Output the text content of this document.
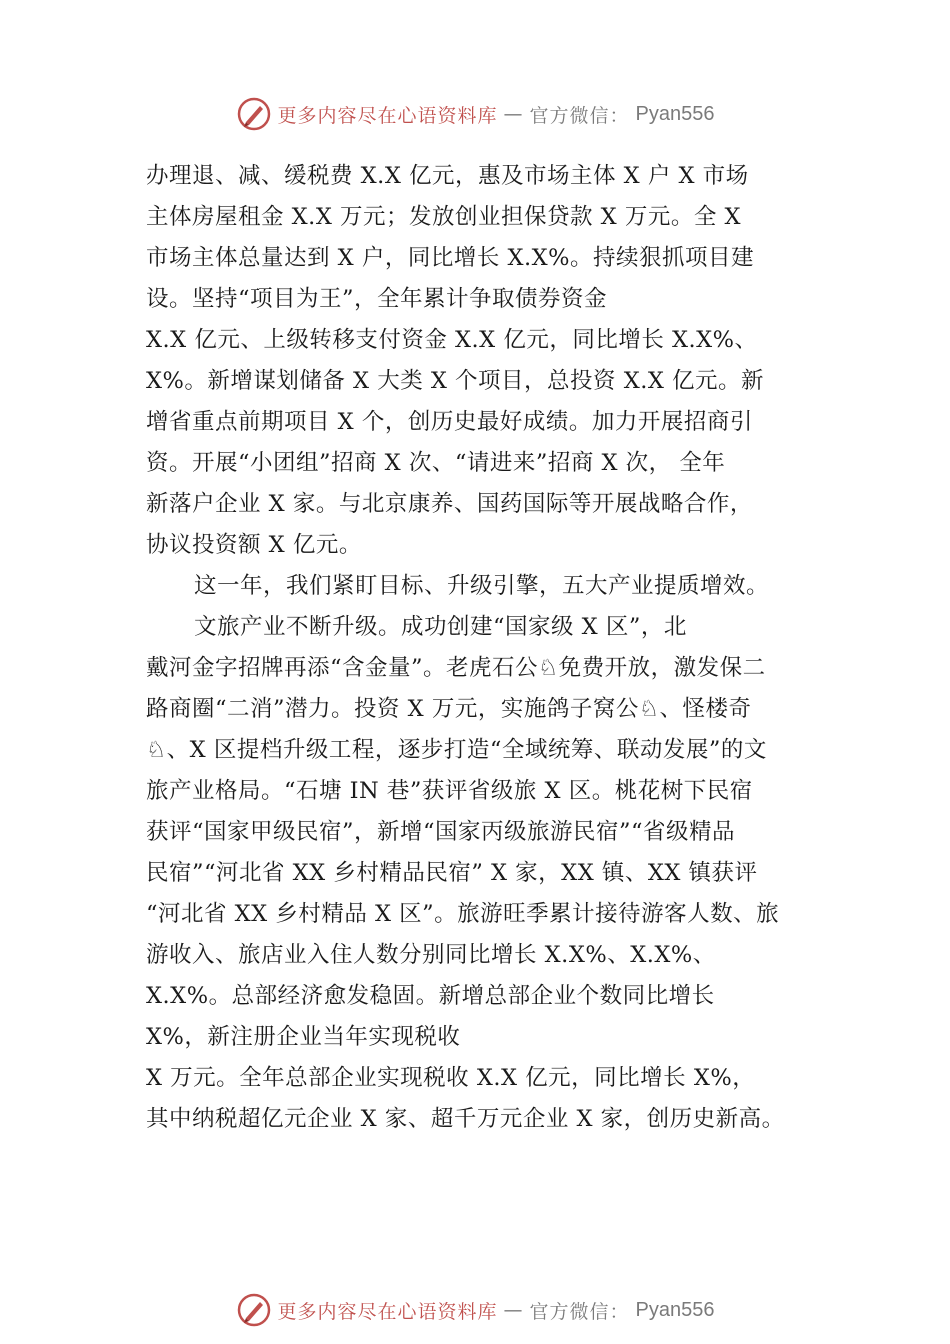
更多内容尽在心语资料库 — 官方微信： Pyan556
办理退、减、缓税费 X.X 亿元，惠及市场主体 X 户 X 市场
主体房屋租金 X.X 万元；发放创业担保贷款 X 万元。全 X
市场主体总量达到 X 户，同比增长 X.X%。持续狠抓项目建
设。坚持“项目为王”，全年累计争取债券资金
X.X 亿元、上级转移支付资金 X.X 亿元，同比增长 X.X%、
X%。新增谋划储备 X 大类 X 个项目，总投资 X.X 亿元。新
增省重点前期项目 X 个，创历史最好成绩。加力开展招商引
资。开展“小团组”招商 X 次、“请进来”招商 X 次， 全年
新落户企业 X 家。与北京康养、国药国际等开展战略合作，
协议投资额 X 亿元。
这一年，我们紧盯目标、升级引擎，五大产业提质增效。
文旅产业不断升级。成功创建“国家级 X 区”，北
戴河金字招牌再添“含金量”。老虎石公♘免费开放，激发保二
路商圈“二消”潜力。投资 X 万元，实施鸽子窝公♘、怪楼奇
♘、X 区提档升级工程，逐步打造“全域统筹、联动发展”的文
旅产业格局。“石塘 IN 巷”获评省级旅 X 区。桃花树下民宿
获评“国家甲级民宿”，新增“国家丙级旅游民宿”“省级精品
民宿”“河北省 XX 乡村精品民宿” X 家，XX 镇、XX 镇获评
“河北省 XX 乡村精品 X 区”。旅游旺季累计接待游客人数、旅
游收入、旅店业入住人数分别同比增长 X.X%、X.X%、
X.X%。总部经济愈发稳固。新增总部企业个数同比增长
X%，新注册企业当年实现税收
X 万元。全年总部企业实现税收 X.X 亿元，同比增长 X%，
其中纳税超亿元企业 X 家、超千万元企业 X 家，创历史新高。
更多内容尽在心语资料库 — 官方微信： Pyan556
